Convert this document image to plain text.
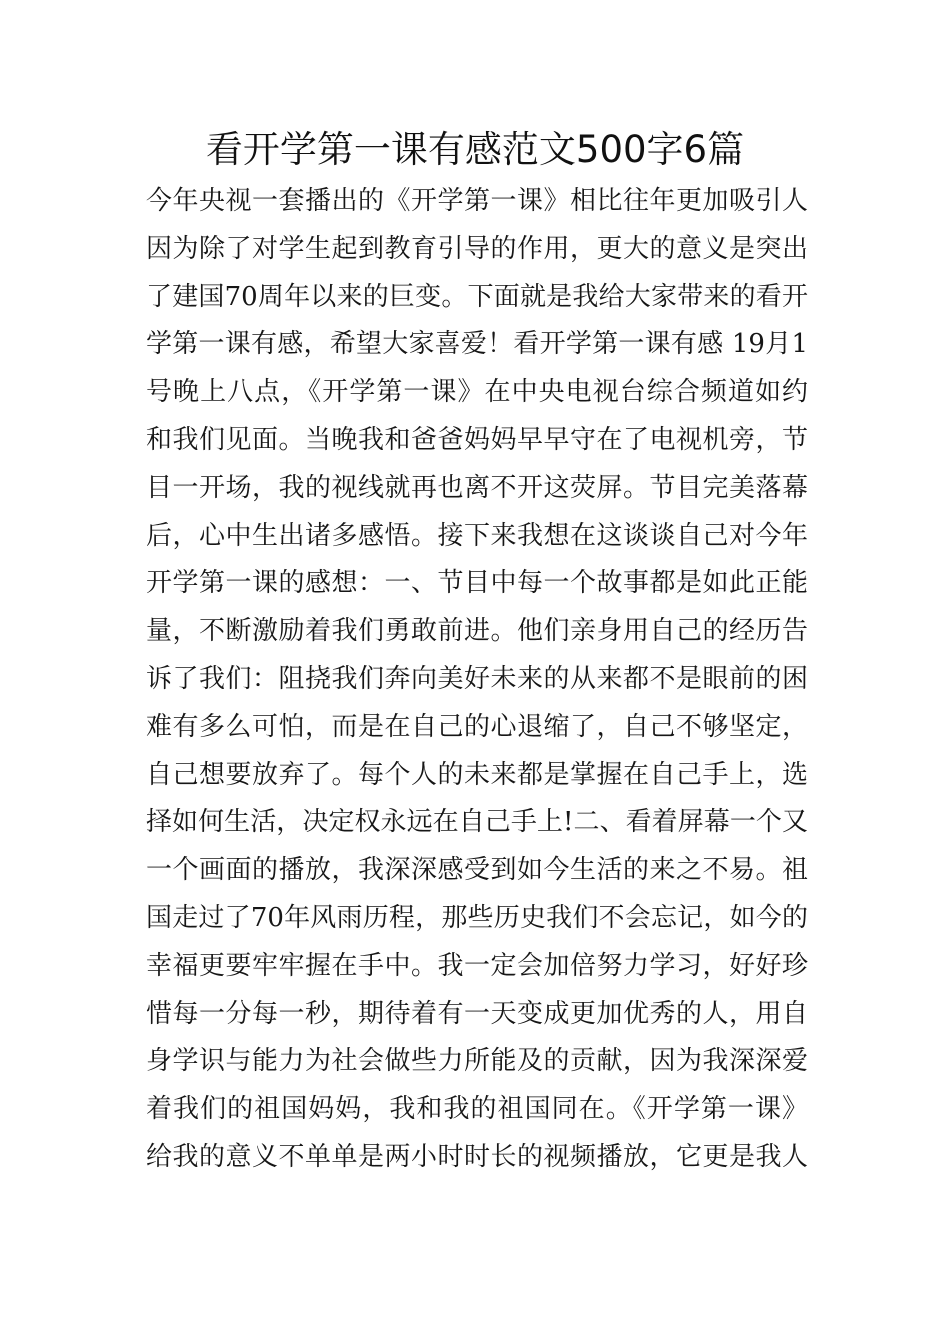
看开学第一课有感范文500字6篇
今年央视一套播出的《开学第一课》相比往年更加吸引人
因为除了对学生起到教育引导的作用，更大的意义是突出
了建国70周年以来的巨变。下面就是我给大家带来的看开
学第一课有感，希望大家喜爱！看开学第一课有感 19月1
号晚上八点，《开学第一课》在中央电视台综合频道如约
和我们见面。当晚我和爸爸妈妈早早守在了电视机旁，节
目一开场，我的视线就再也离不开这荧屏。节目完美落幕
后，心中生出诸多感悟。接下来我想在这谈谈自己对今年
开学第一课的感想：一、节目中每一个故事都是如此正能
量，不断激励着我们勇敢前进。他们亲身用自己的经历告
诉了我们：阻挠我们奔向美好未来的从来都不是眼前的困
难有多么可怕，而是在自己的心退缩了，自己不够坚定，
自己想要放弃了。每个人的未来都是掌握在自己手上，选
择如何生活，决定权永远在自己手上!二、看着屏幕一个又
一个画面的播放，我深深感受到如今生活的来之不易。祖
国走过了70年风雨历程，那些历史我们不会忘记，如今的
幸福更要牢牢握在手中。我一定会加倍努力学习，好好珍
惜每一分每一秒，期待着有一天变成更加优秀的人，用自
身学识与能力为社会做些力所能及的贡献，因为我深深爱
着我们的祖国妈妈，我和我的祖国同在。《开学第一课》
给我的意义不单单是两小时时长的视频播放，它更是我人
